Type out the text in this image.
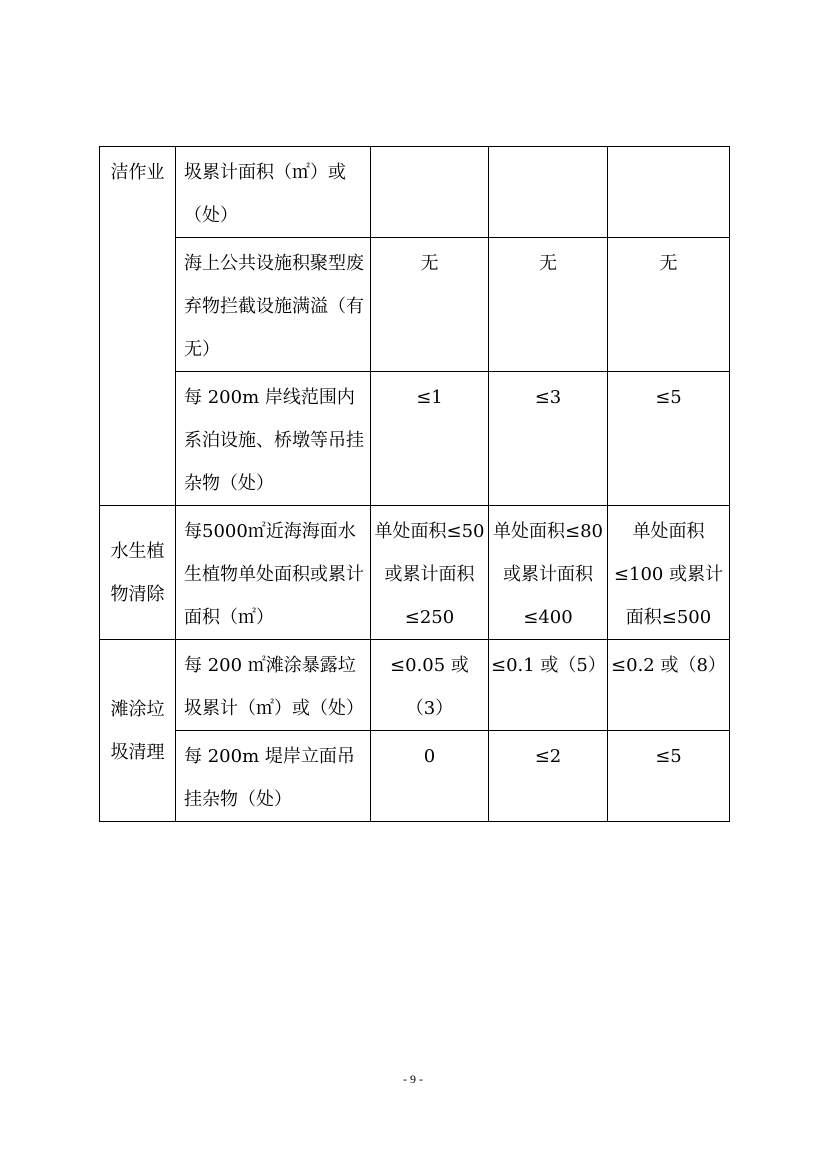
洁作业	圾累计面积（㎡）或（处）			
	海上公共设施积聚型废弃物拦截设施满溢（有无）	无	无	无
	每 200m 岸线范围内系泊设施、桥墩等吊挂杂物（处）	≤1	≤3	≤5
水生植物清除	每5000㎡近海海面水生植物单处面积或累计面积（㎡）	单处面积≤50 或累计面积≤250	单处面积≤80 或累计面积≤400	单处面积≤100 或累计面积≤500
滩涂垃圾清理	每 200 ㎡滩涂暴露垃圾累计（㎡）或（处）	≤0.05 或（3）	≤0.1 或（5）	≤0.2 或（8）
	每 200m 堤岸立面吊挂杂物（处）	0	≤2	≤5
- 9 -
